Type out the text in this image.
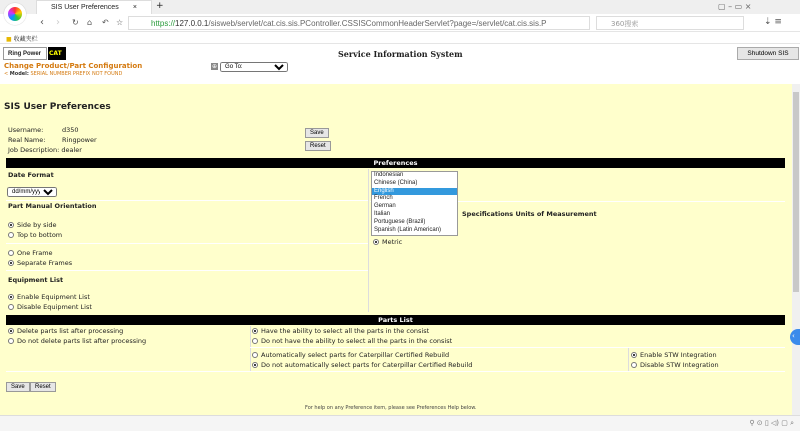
SIS User Preferences × +	▢ – ▭ ×
‹ › ↻ ⌂ ↶ ☆	https://127.0.0.1/sisweb/servlet/cat.cis.sis.PController.CSSISCommonHeaderServlet?page=/servlet/cat.cis.sis.P	360搜索	⇣ ≡
■ 收藏夹栏
Ring Power	CAT	Service Information System	Shutdown SIS
Change Product/Part Configuration
< Model: SERIAL NUMBER PREFIX NOT FOUND
⊕
Go To:
SIS User Preferences
Username:	d350
Real Name:	Ringpower
Job Description: dealer
Save
Reset
Preferences
Date Format
dd/mm/yyyy
Part Manual Orientation
Side by side
Top to bottom
One Frame
Separate Frames
Equipment List
Enable Equipment List
Disable Equipment List
Specifications Units of Measurement
Metric
Indonesian
Chinese (China)
English
French
German
Italian
Portuguese (Brazil)
Spanish (Latin American)
Parts List
Delete parts list after processing
Do not delete parts list after processing
Have the ability to select all the parts in the consist
Do not have the ability to select all the parts in the consist
Automatically select parts for Caterpillar Certified Rebuild
Do not automatically select parts for Caterpillar Certified Rebuild
Enable STW Integration
Disable STW Integration
Save	Reset
For help on any Preference item, please see Preferences Help below.
‹
⚲ ⊙ ▯ ◁) ▢ ⌕
